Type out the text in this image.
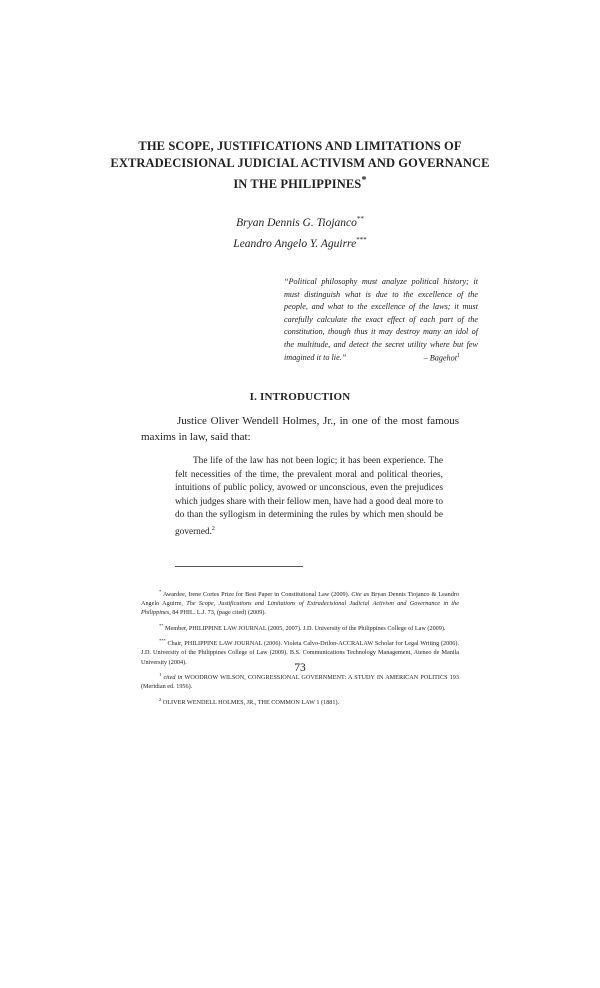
THE SCOPE, JUSTIFICATIONS AND LIMITATIONS OF
EXTRADECISIONAL JUDICIAL ACTIVISM AND GOVERNANCE
IN THE PHILIPPINES*
Bryan Dennis G. Tiojanco**
Leandro Angelo Y. Aguirre***
“Political philosophy must analyze political history; it must distinguish what is due to the excellence of the people, and what to the excellence of the laws; it must carefully calculate the exact effect of each part of the constitution, though thus it may destroy many an idol of the multitude, and detect the secret utility where but few imagined it to lie.”	– Bagehot$^1$
I. INTRODUCTION
Justice Oliver Wendell Holmes, Jr., in one of the most famous maxims in law, said that:
The life of the law has not been logic; it has been experience. The felt necessities of the time, the prevalent moral and political theories, intuitions of public policy, avowed or unconscious, even the prejudices which judges share with their fellow men, have had a good deal more to do than the syllogism in determining the rules by which men should be governed.$^2$

* Awardee, Irene Cortes Prize for Best Paper in Constitutional Law (2009). Cite as Bryan Dennis Tiojanco & Leandro Angelo Aguirre, The Scope, Justifications and Limitations of Extradecisional Judicial Activism and Governance in the Philippines, 84 PHIL. L.J. 73, (page cited) (2009).

** Member, PHILIPPINE LAW JOURNAL (2005, 2007). J.D. University of the Philippines College of Law (2009).

*** Chair, PHILIPPINE LAW JOURNAL (2006). Violeta Calvo-Drilon-ACCRALAW Scholar for Legal Writing (2006). J.D. University of the Philippines College of Law (2009). B.S. Communications Technology Management, Ateneo de Manila University (2004).

$^1$ cited in WOODROW WILSON, CONGRESSIONAL GOVERNMENT: A STUDY IN AMERICAN POLITICS 193 (Meridian ed. 1956).

$^2$ OLIVER WENDELL HOLMES, JR., THE COMMON LAW 1 (1881).

73
